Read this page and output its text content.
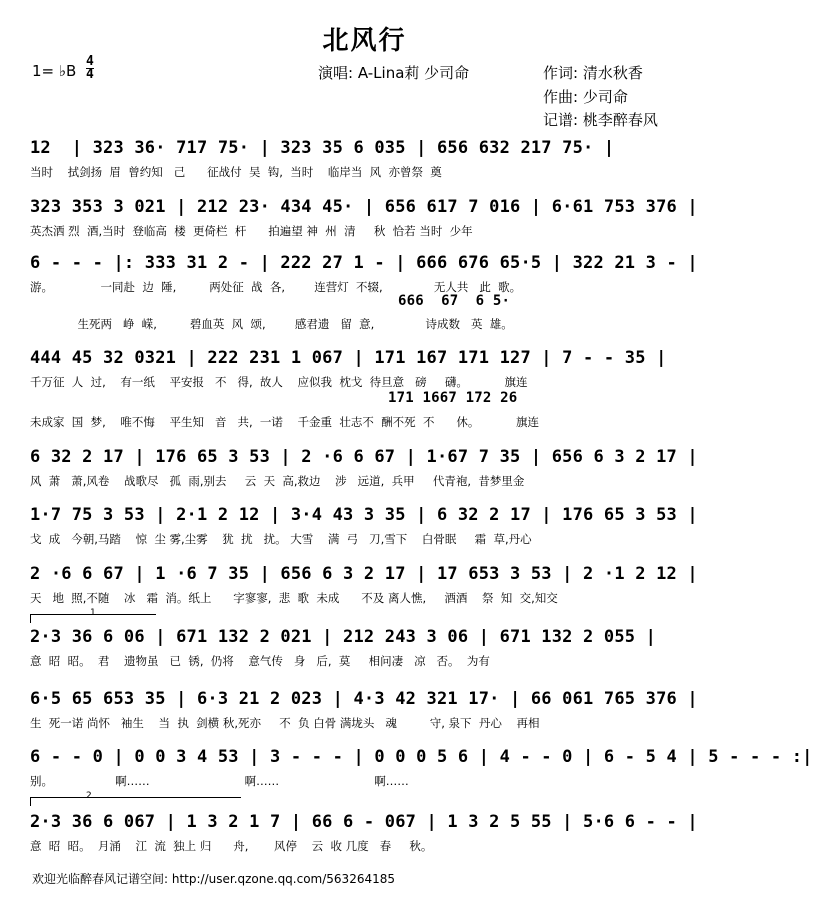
北风行
1= ♭B
4
4	演唱: A-Lina莉 少司命	作词: 清水秋香
作曲: 少司命
记谱: 桃李醉春风
12  | 323 36· 717 75· | 323 35 6 035 | 656 632 217 75· |
当时    拭剑扬  眉  曾约知   己      征战付  吴  钩,  当时    临岸当  风  亦曾祭  奠
323 353 3 021 | 212 23· 434 45· | 656 617 7 016 | 6·61 753 376 |
英杰洒 烈  酒,当时  登临高  楼  更倚栏  杆      拍遍望 神  州  清     秋  恰若 当时  少年
6 - - - |: 333 31 2 - | 222 27 1 - | 666 676 65·5 | 322 21 3 - |
游。             一同赴  边  陲,         两处征  战  各,        连营灯  不辍,              无人共   此  歌。
666  67  6 5·
生死两   峥  嵘,         碧血英  风  颂,        感君遗   留  意,              诗成数   英  雄。
444 45 32 0321 | 222 231 1 067 | 171 167 171 127 | 7 - - 35 |
千万征  人  过,    有一纸    平安报   不   得,  故人    应似我  枕戈  待旦意   磅     礴。          旗连
171 1667 172 26
未成家  国  梦,    唯不悔    平生知   音   共,  一诺    千金重  壮志不  酬不死  不      休。          旗连
6 32 2 17 | 176 65 3 53 | 2 ·6 6 67 | 1·67 7 35 | 656 6 3 2 17 |
风  萧   萧,风卷    战歌尽   孤  雨,别去     云  天  高,救边    涉   远道,  兵甲     代青袍,  昔梦里金
1·7 75 3 53 | 2·1 2 12 | 3·4 43 3 35 | 6 32 2 17 | 176 65 3 53 |
戈  成   今朝,马踏    惊  尘 雾,尘雾    犹  扰   扰。 大雪    满  弓   刀,雪下    白骨眠     霜  草,丹心
2 ·6 6 67 | 1 ·6 7 35 | 656 6 3 2 17 | 17 653 3 53 | 2 ·1 2 12 |
天   地  照,不随    冰   霜  消。纸上      字寥寥,  悲  歌  未成      不及 离人憔,     酒酒    祭  知  交,知交
1
2·3 36 6 06 | 671 132 2 021 | 212 243 3 06 | 671 132 2 055 |
意  昭  昭。  君    遗物虽   已  锈,  仍将    意气传   身   后,  莫     相问凄   凉   否。  为有
6·5 65 653 35 | 6·3 21 2 023 | 4·3 42 321 17· | 66 061 765 376 |
生  死一诺 尚怀   袖生    当  执  剑横 秋,死亦     不  负 白骨 满垅头   魂         守, 泉下  丹心    再相
6 - - 0 | 0 0 3 4 53 | 3 - - - | 0 0 0 5 6 | 4 - - 0 | 6 - 5 4 | 5 - - - :|
别。                 啊……                          啊……                          啊……
2
2·3 36 6 067 | 1 3 2 1 7 | 66 6 - 067 | 1 3 2 5 55 | 5·6 6 - - |
意  昭  昭。  月涌    江  流  独上 归      舟,       风停    云  收 几度   春     秋。
欢迎光临醉春风记谱空间: http://user.qzone.qq.com/563264185
